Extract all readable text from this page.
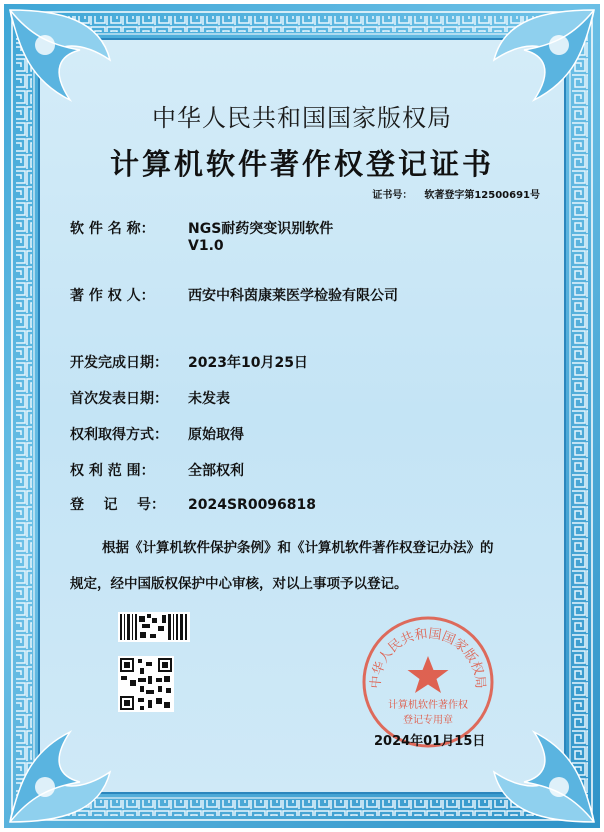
中华人民共和国国家版权局
计算机软件著作权登记证书
证书号： 软著登字第12500691号
软 件 名 称： NGS耐药突变识别软件
V1.0
著 作 权 人： 西安中科茵康莱医学检验有限公司
开发完成日期： 2023年10月25日
首次发表日期： 未发表
权利取得方式： 原始取得
权 利 范 围： 全部权利
登    记    号： 2024SR0096818
根据《计算机软件保护条例》和《计算机软件著作权登记办法》的
规定，经中国版权保护中心审核，对以上事项予以登记。
中华人民共和国国家版权局
计算机软件著作权
登记专用章
2024年01月15日
